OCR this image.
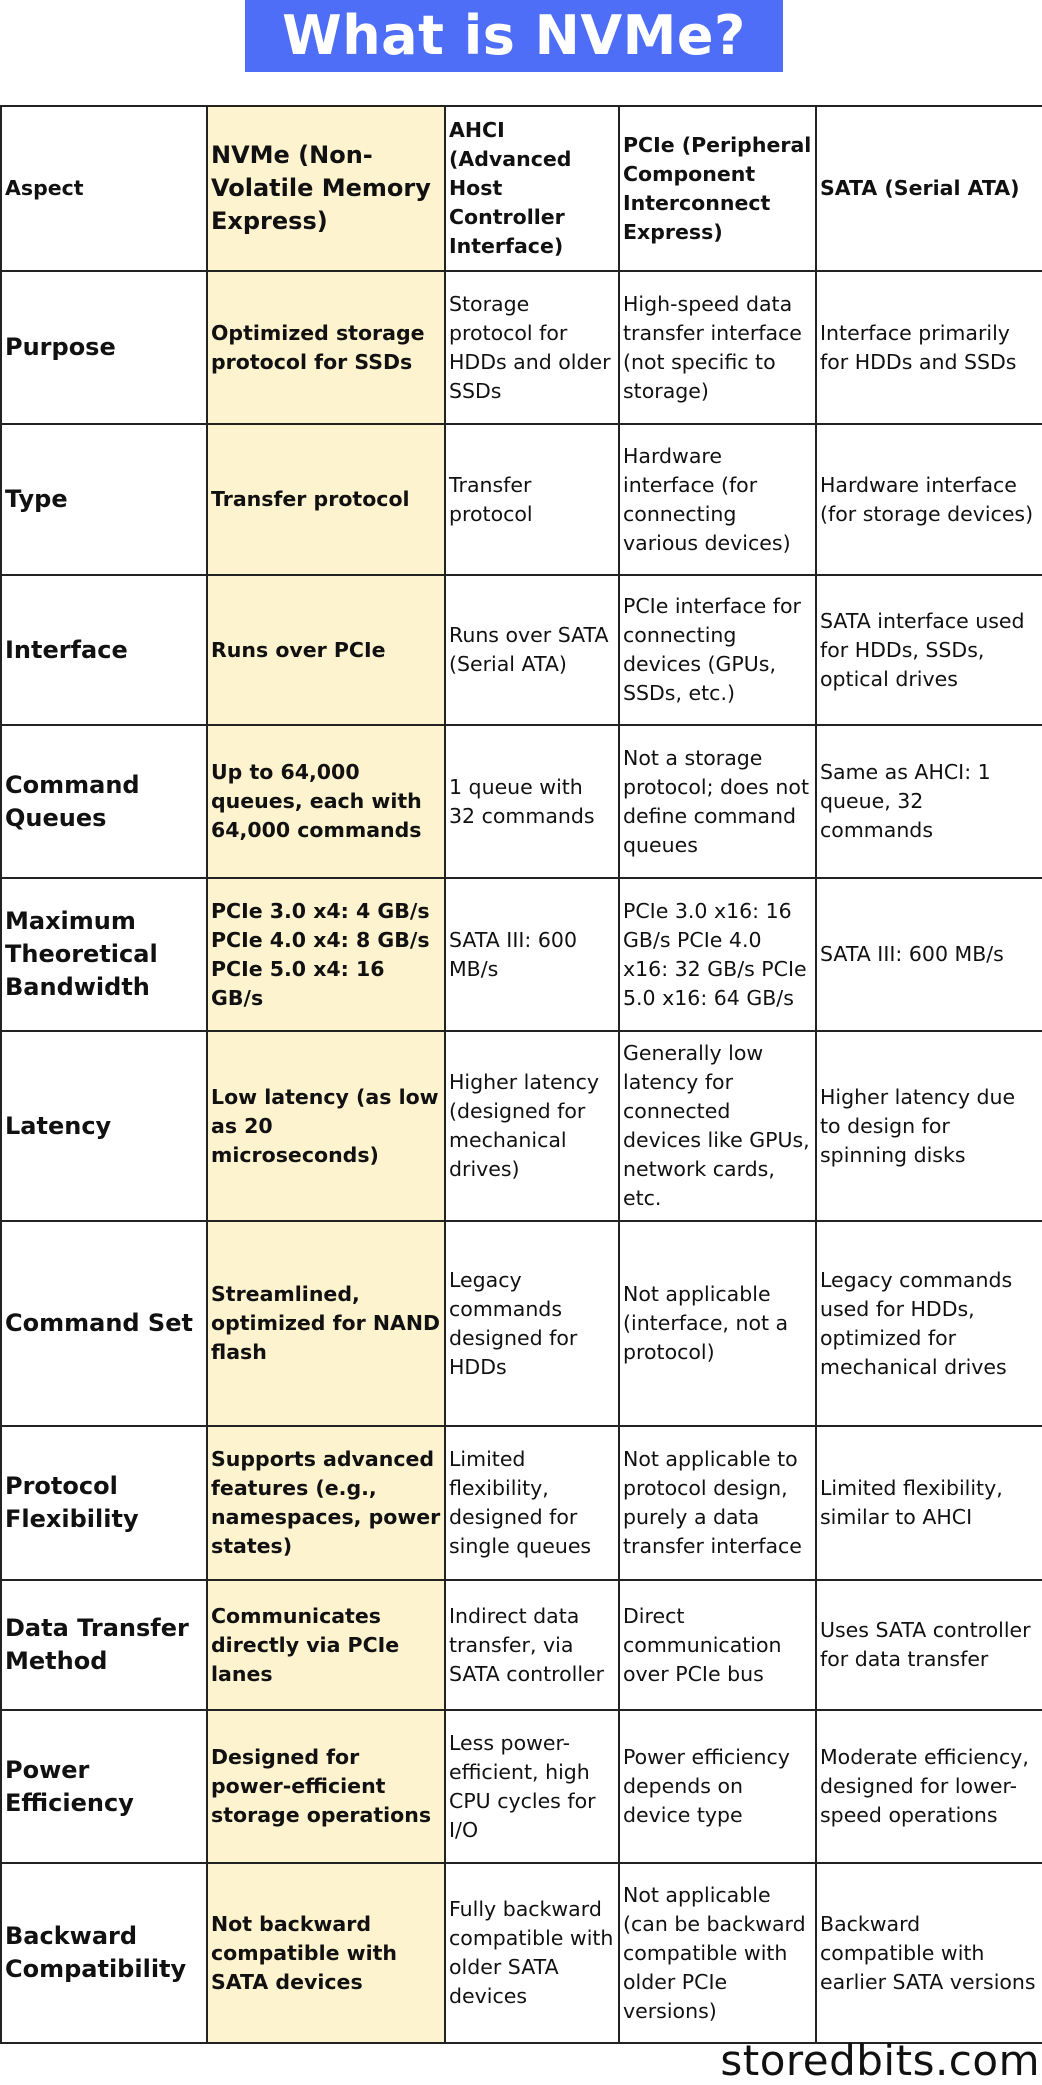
What is NVMe?
Aspect	NVMe (Non-Volatile Memory Express)	AHCI (Advanced Host Controller Interface)	PCIe (Peripheral Component Interconnect Express)	SATA (Serial ATA)
Purpose	Optimized storage protocol for SSDs	Storage protocol for HDDs and older SSDs	High-speed data transfer interface (not specific to storage)	Interface primarily for HDDs and SSDs
Type	Transfer protocol	Transfer protocol	Hardware interface (for connecting various devices)	Hardware interface (for storage devices)
Interface	Runs over PCIe	Runs over SATA (Serial ATA)	PCIe interface for connecting devices (GPUs, SSDs, etc.)	SATA interface used for HDDs, SSDs, optical drives
Command Queues	Up to 64,000 queues, each with 64,000 commands	1 queue with 32 commands	Not a storage protocol; does not define command queues	Same as AHCI: 1 queue, 32 commands
Maximum Theoretical Bandwidth	PCIe 3.0 x4: 4 GB/s PCIe 4.0 x4: 8 GB/s PCIe 5.0 x4: 16 GB/s	SATA III: 600 MB/s	PCIe 3.0 x16: 16 GB/s PCIe 4.0 x16: 32 GB/s PCIe 5.0 x16: 64 GB/s	SATA III: 600 MB/s
Latency	Low latency (as low as 20 microseconds)	Higher latency (designed for mechanical drives)	Generally low latency for connected devices like GPUs, network cards, etc.	Higher latency due to design for spinning disks
Command Set	Streamlined, optimized for NAND flash	Legacy commands designed for HDDs	Not applicable (interface, not a protocol)	Legacy commands used for HDDs, optimized for mechanical drives
Protocol Flexibility	Supports advanced features (e.g., namespaces, power states)	Limited flexibility, designed for single queues	Not applicable to protocol design, purely a data transfer interface	Limited flexibility, similar to AHCI
Data Transfer Method	Communicates directly via PCIe lanes	Indirect data transfer, via SATA controller	Direct communication over PCIe bus	Uses SATA controller for data transfer
Power Efficiency	Designed for power-efficient storage operations	Less power-efficient, high CPU cycles for I/O	Power efficiency depends on device type	Moderate efficiency, designed for lower-speed operations
Backward Compatibility	Not backward compatible with SATA devices	Fully backward compatible with older SATA devices	Not applicable (can be backward compatible with older PCIe versions)	Backward compatible with earlier SATA versions
storedbits.com
